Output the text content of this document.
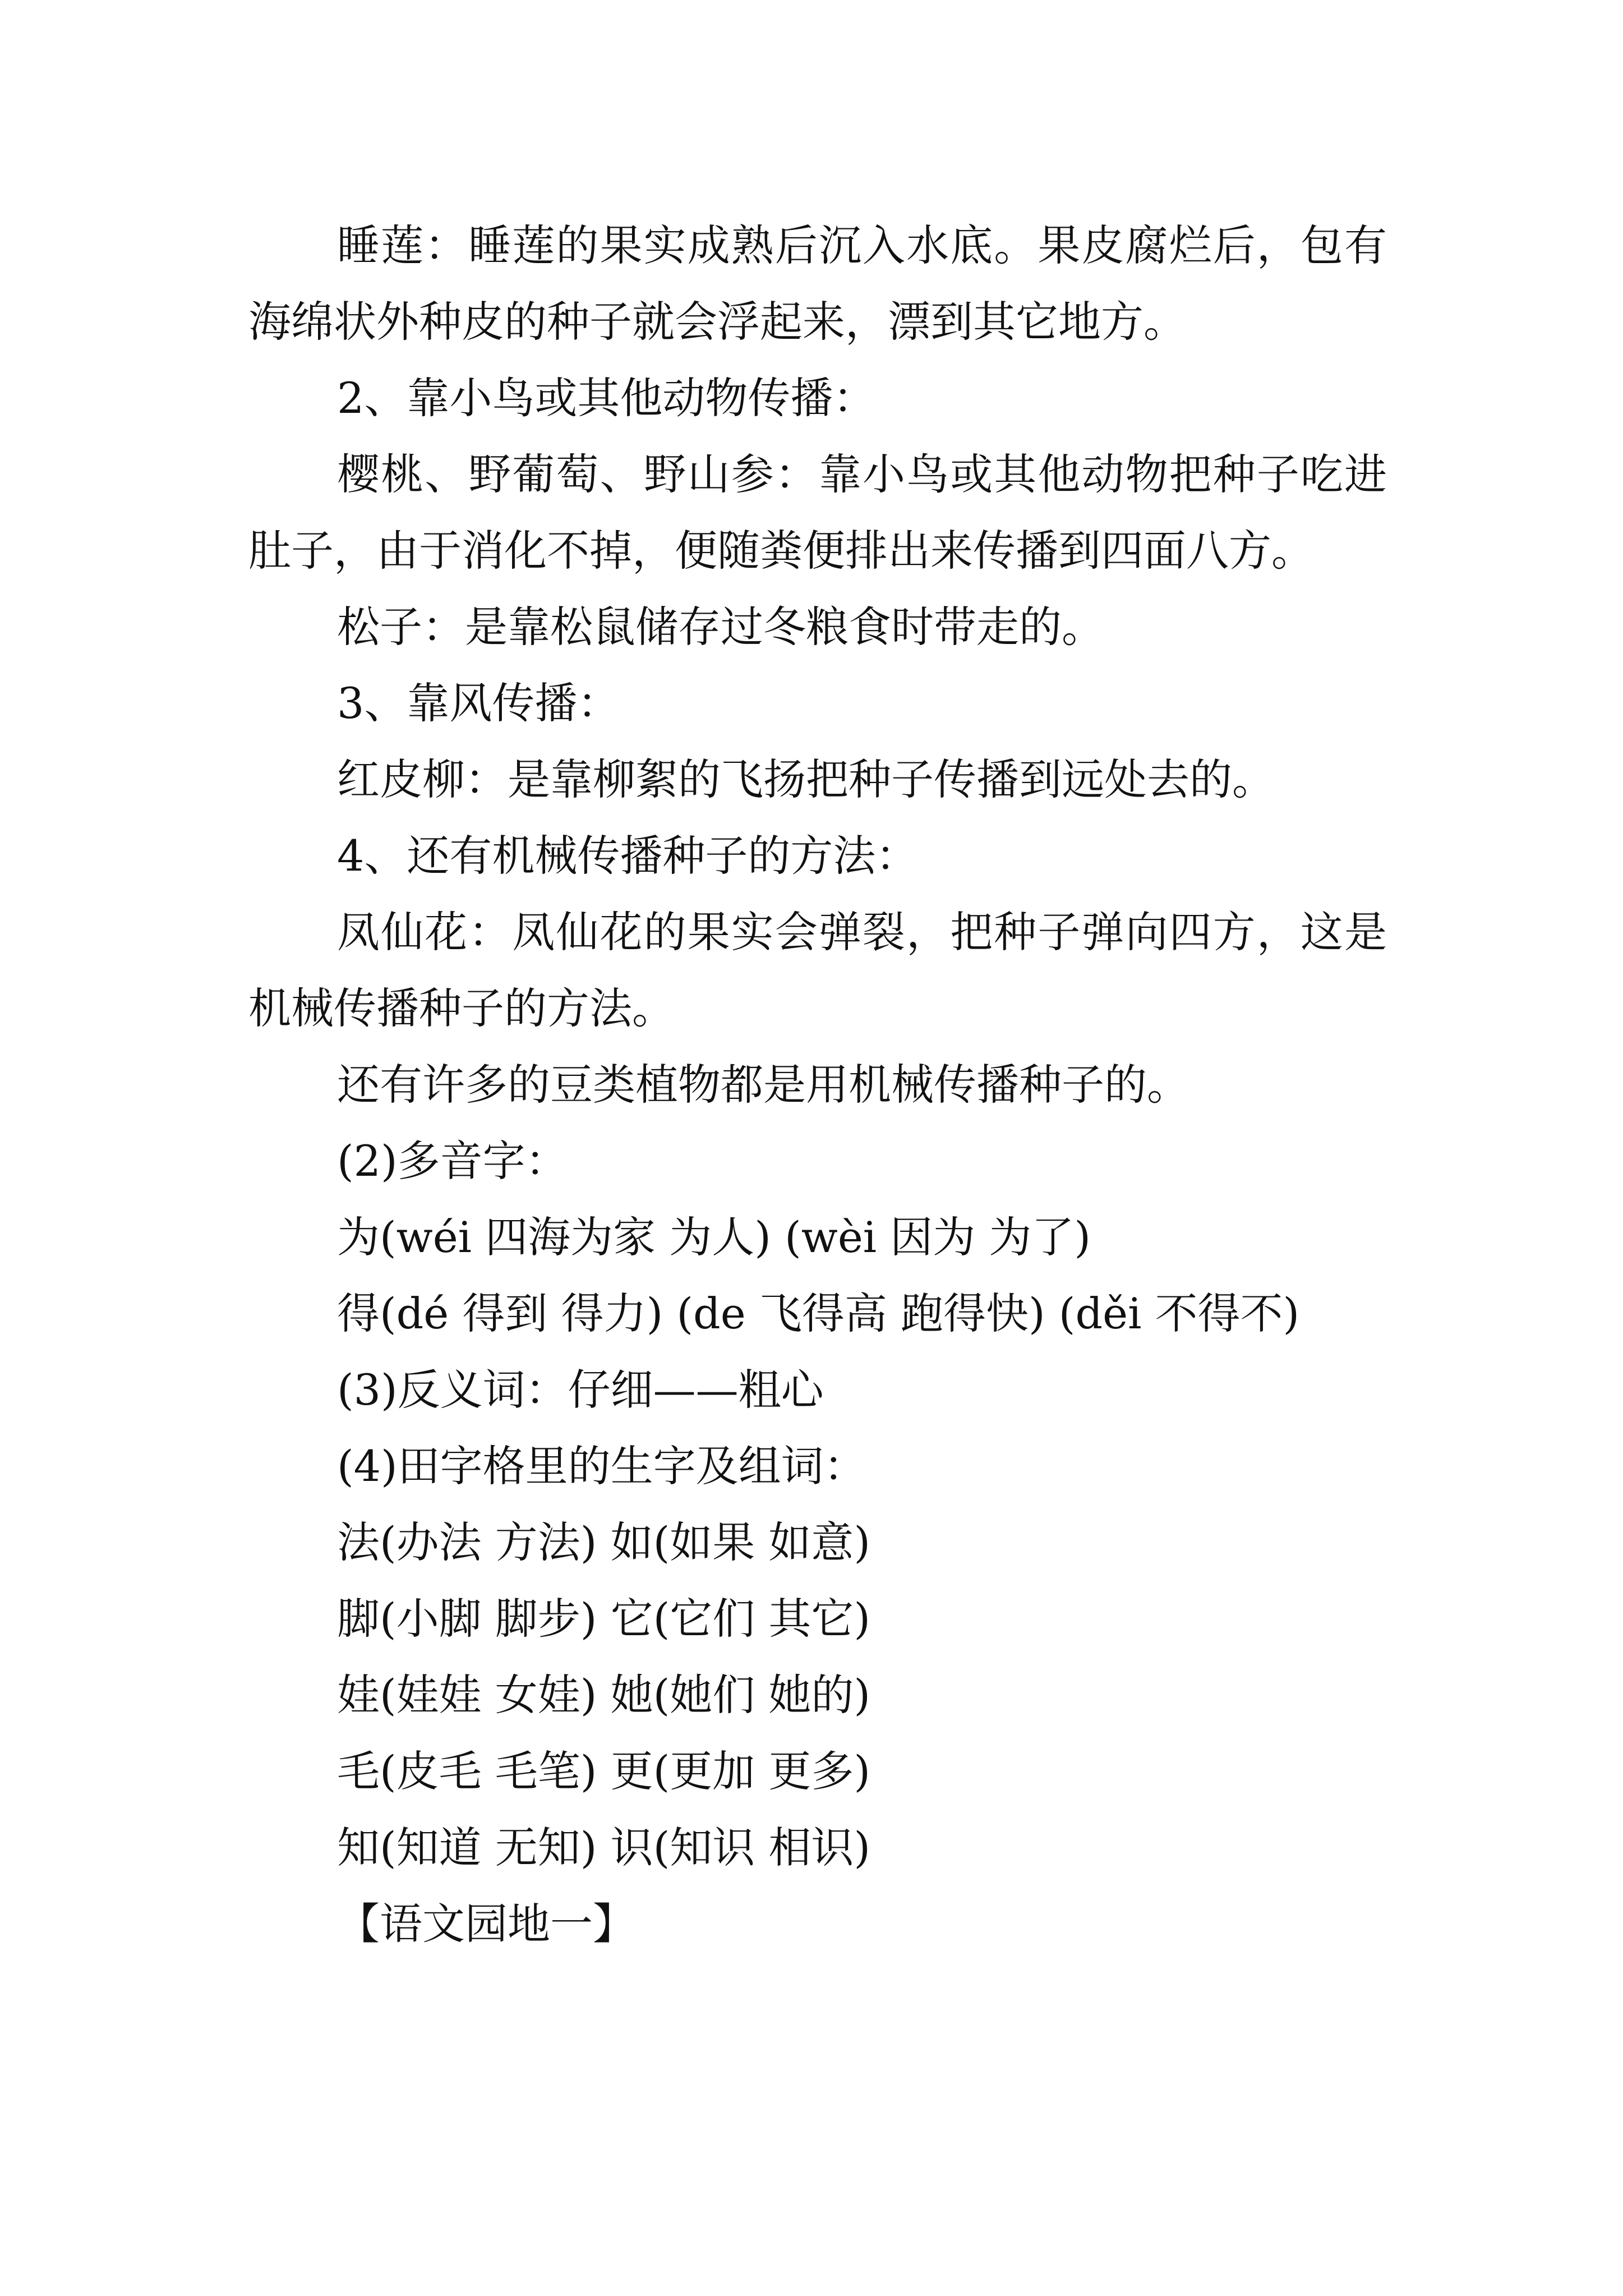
睡莲：睡莲的果实成熟后沉入水底。果皮腐烂后，包有海绵状外种皮的种子就会浮起来，漂到其它地方。

2、靠小鸟或其他动物传播：

樱桃、野葡萄、野山参：靠小鸟或其他动物把种子吃进肚子，由于消化不掉，便随粪便排出来传播到四面八方。

松子：是靠松鼠储存过冬粮食时带走的。

3、靠风传播：

红皮柳：是靠柳絮的飞扬把种子传播到远处去的。

4、还有机械传播种子的方法：

凤仙花：凤仙花的果实会弹裂，把种子弹向四方，这是机械传播种子的方法。

还有许多的豆类植物都是用机械传播种子的。

(2)多音字：

为(wéi 四海为家 为人) (wèi 因为 为了)

得(dé 得到 得力) (de 飞得高 跑得快) (děi 不得不)

(3)反义词：仔细——粗心

(4)田字格里的生字及组词：

法(办法 方法) 如(如果 如意)

脚(小脚 脚步) 它(它们 其它)

娃(娃娃 女娃) 她(她们 她的)

毛(皮毛 毛笔) 更(更加 更多)

知(知道 无知) 识(知识 相识)

【语文园地一】
